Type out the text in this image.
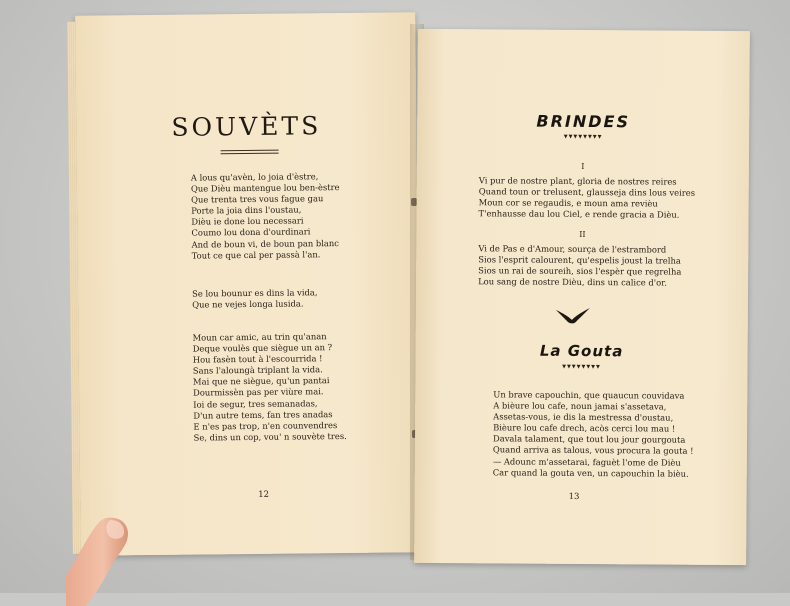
SOUVÈTS
A lous qu'avèn, lo joia d'èstre,
Que Dièu mantengue lou ben-èstre
Que trenta tres vous fague gau
Porte la joia dins l'oustau,
Dièu ie done lou necessari
Coumo lou dona d'ourdinari
And de boun vi, de boun pan blanc
Tout ce que cal per passà l'an.
Se lou bounur es dins la vida,
Que ne vejes longa lusida.
Moun car amic, au trin qu'anan
Deque voulès que siègue un an ?
Hou fasèn tout à l'escourrida !
Sans l'aloungà triplant la vida.
Mai que ne siègue, qu'un pantai
Dourmissèn pas per viùre mai.
Ioi de segur, tres semanadas,
D'un autre tems, fan tres anadas
E n'es pas trop, n'en counvendres
Se, dins un cop, vou' n souvète tres.
12
BRINDES
▼▼▼▼▼▼▼▼
I
Vi pur de nostre plant, gloria de nostres reires
Quand toun or trelusent, glausseja dins lous veires
Moun cor se regaudis, e moun ama revièu
T'enhausse dau lou Ciel, e rende gracia a Dièu.
II
Vi de Pas e d'Amour, sourça de l'estrambord
Sios l'esprit calourent, qu'espelis joust la trelha
Sios un rai de soureih, sios l'espèr que regrelha
Lou sang de nostre Dièu, dins un calice d'or.
La Gouta
▼▼▼▼▼▼▼▼
Un brave capouchin, que quaucun couvidava
A bièure lou cafe, noun jamai s'assetava,
Assetas-vous, ie dis la mestressa d'oustau,
Bièure lou cafe drech, acòs cerci lou mau !
Davala talament, que tout lou jour gourgouta
Quand arriva as talous, vous procura la gouta !
— Adounc m'assetarai, faguèt l'ome de Dièu
Car quand la gouta ven, un capouchin la bièu.
13
